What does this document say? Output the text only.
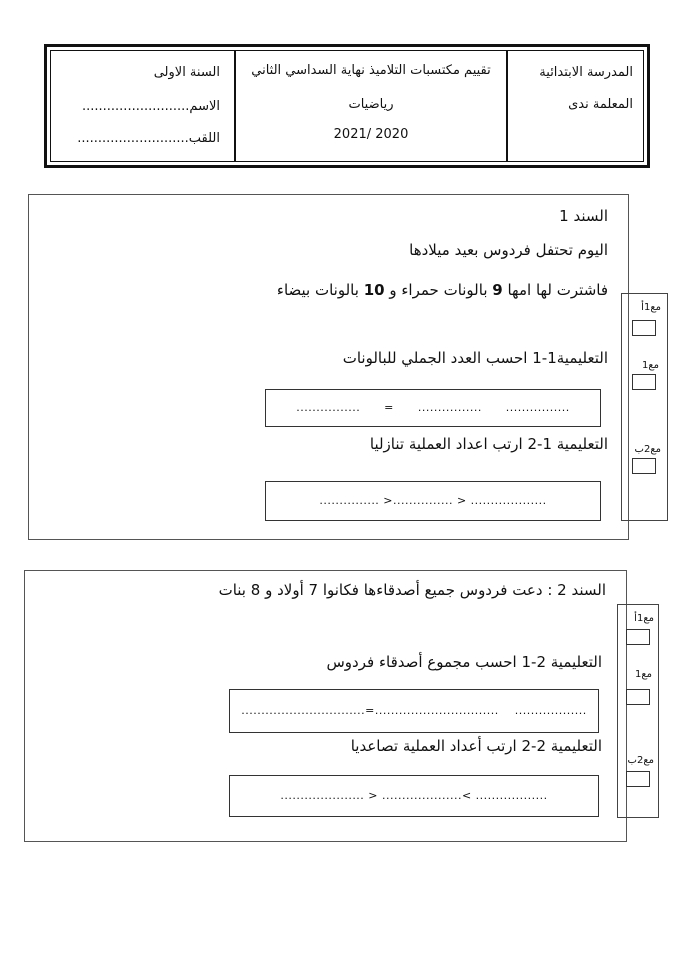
السنة الاولى
الاسم..........................
اللقب...........................
تقييم مكتسبات التلاميذ نهاية السداسي الثاني
رياضيات
2021/ 2020
المدرسة الابتدائية
المعلمة ندى
السند 1
اليوم تحتفل فردوس بعيد ميلادها
فاشترت لها امها 9 بالونات حمراء و 10 بالونات بيضاء
التعليمية1-1 احسب العدد الجملي للبالونات
................      =      ................      ................
التعليمية 1-2 ارتب اعداد العملية تنازليا
............... >............... > ...................
مع1أ
مع1
مع2ب
السند 2 : دعت فردوس جميع أصدقاءها فكانوا 7 أولاد و 8 بنات
التعليمية 2-1 احسب مجموع أصدقاء فردوس
...............................=...............................    ..................
التعليمية 2-2 ارتب أعداد العملية تصاعديا
..................... > ....................< ..................
مع1أ
مع1
مع2ب
